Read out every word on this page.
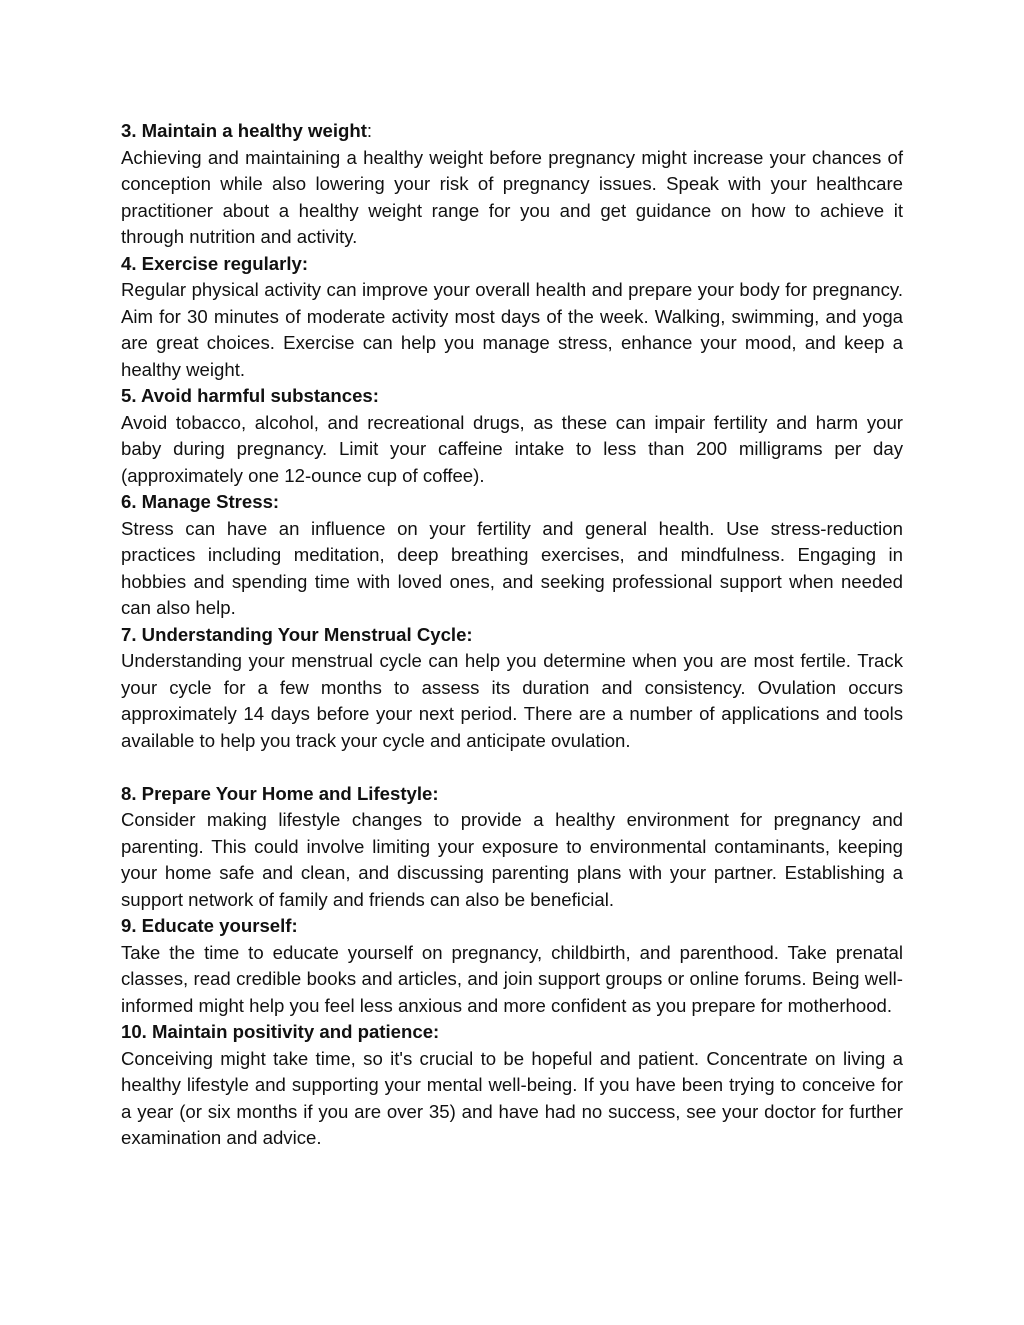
3. Maintain a healthy weight:

Achieving and maintaining a healthy weight before pregnancy might increase your chances of conception while also lowering your risk of pregnancy issues. Speak with your healthcare practitioner about a healthy weight range for you and get guidance on how to achieve it through nutrition and activity.

4. Exercise regularly:

Regular physical activity can improve your overall health and prepare your body for pregnancy. Aim for 30 minutes of moderate activity most days of the week. Walking, swimming, and yoga are great choices. Exercise can help you manage stress, enhance your mood, and keep a healthy weight.

5. Avoid harmful substances:

Avoid tobacco, alcohol, and recreational drugs, as these can impair fertility and harm your baby during pregnancy. Limit your caffeine intake to less than 200 milligrams per day (approximately one 12-ounce cup of coffee).

6. Manage Stress:

Stress can have an influence on your fertility and general health. Use stress-reduction practices including meditation, deep breathing exercises, and mindfulness. Engaging in hobbies and spending time with loved ones, and seeking professional support when needed can also help.

7. Understanding Your Menstrual Cycle:

Understanding your menstrual cycle can help you determine when you are most fertile. Track your cycle for a few months to assess its duration and consistency. Ovulation occurs approximately 14 days before your next period. There are a number of applications and tools available to help you track your cycle and anticipate ovulation.

8. Prepare Your Home and Lifestyle:

Consider making lifestyle changes to provide a healthy environment for pregnancy and parenting. This could involve limiting your exposure to environmental contaminants, keeping your home safe and clean, and discussing parenting plans with your partner. Establishing a support network of family and friends can also be beneficial.

9. Educate yourself:

Take the time to educate yourself on pregnancy, childbirth, and parenthood. Take prenatal classes, read credible books and articles, and join support groups or online forums. Being well-informed might help you feel less anxious and more confident as you prepare for motherhood.

10. Maintain positivity and patience:

Conceiving might take time, so it's crucial to be hopeful and patient. Concentrate on living a healthy lifestyle and supporting your mental well-being. If you have been trying to conceive for a year (or six months if you are over 35) and have had no success, see your doctor for further examination and advice.
